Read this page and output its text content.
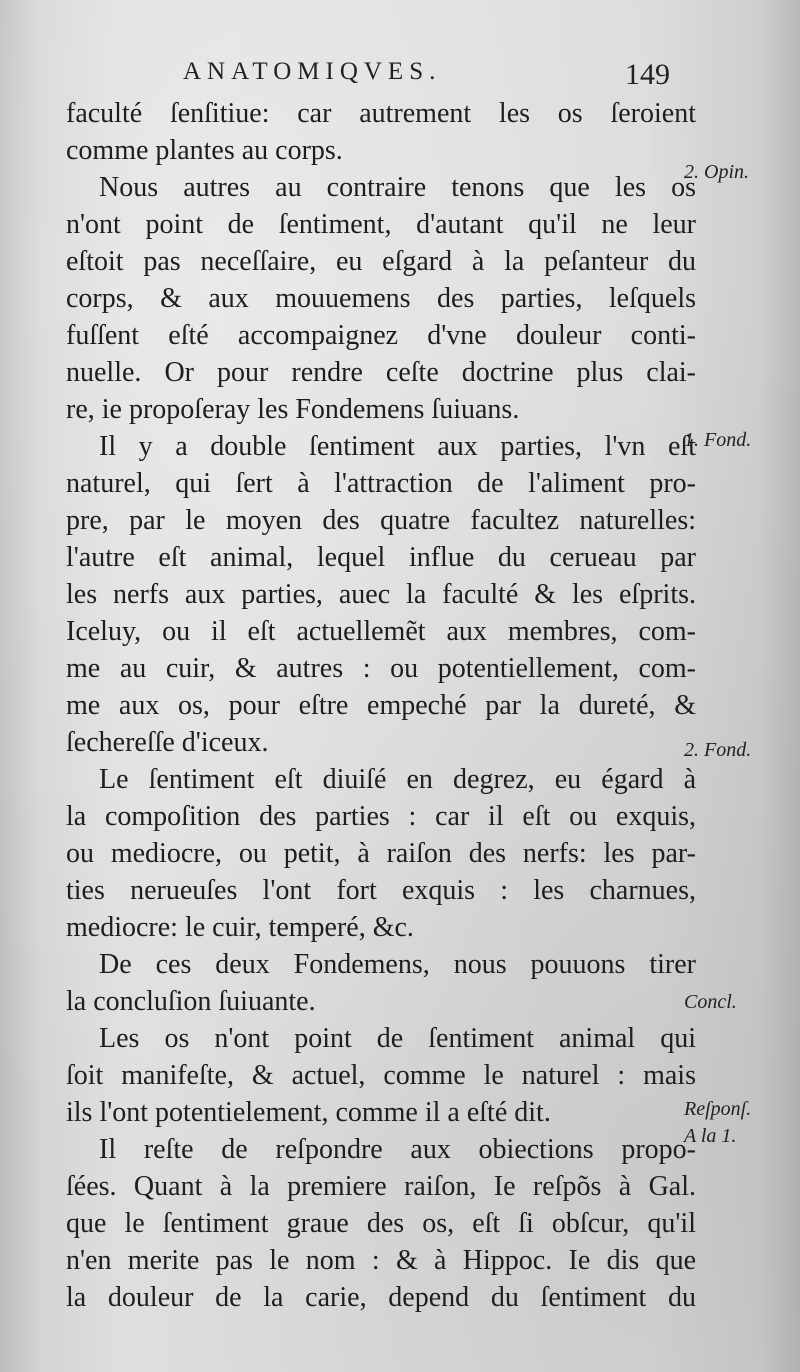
ANATOMIQVES.	149
faculté ſenſitiue: car autrement les os ſeroient
comme plantes au corps.
Nous autres au contraire tenons que les os
n'ont point de ſentiment, d'autant qu'il ne leur
eſtoit pas neceſſaire, eu eſgard à la peſanteur du
corps, & aux mouuemens des parties, leſquels
fuſſent eſté accompaignez d'vne douleur conti-
nuelle. Or pour rendre ceſte doctrine plus clai-
re, ie propoſeray les Fondemens ſuiuans.
Il y a double ſentiment aux parties, l'vn eſt
naturel, qui ſert à l'attraction de l'aliment pro-
pre, par le moyen des quatre facultez naturelles:
l'autre eſt animal, lequel influe du cerueau par
les nerfs aux parties, auec la faculté & les eſprits.
Iceluy, ou il eſt actuellemẽt aux membres, com-
me au cuir, & autres : ou potentiellement, com-
me aux os, pour eſtre empeché par la dureté, &
ſechereſſe d'iceux.
Le ſentiment eſt diuiſé en degrez, eu égard à
la compoſition des parties : car il eſt ou exquis,
ou mediocre, ou petit, à raiſon des nerfs: les par-
ties nerueuſes l'ont fort exquis : les charnues,
mediocre: le cuir, temperé, &c.
De ces deux Fondemens, nous pouuons tirer
la concluſion ſuiuante.
Les os n'ont point de ſentiment animal qui
ſoit manifeſte, & actuel, comme le naturel : mais
ils l'ont potentielement, comme il a eſté dit.
Il reſte de reſpondre aux obiections propo-
ſées. Quant à la premiere raiſon, Ie reſpõs à Gal.
que le ſentiment graue des os, eſt ſi obſcur, qu'il
n'en merite pas le nom : & à Hippoc. Ie dis que
la douleur de la carie, depend du ſentiment du
2. Opin.
1. Fond.
2. Fond.
Concl.
Reſponſ.
A la 1.
